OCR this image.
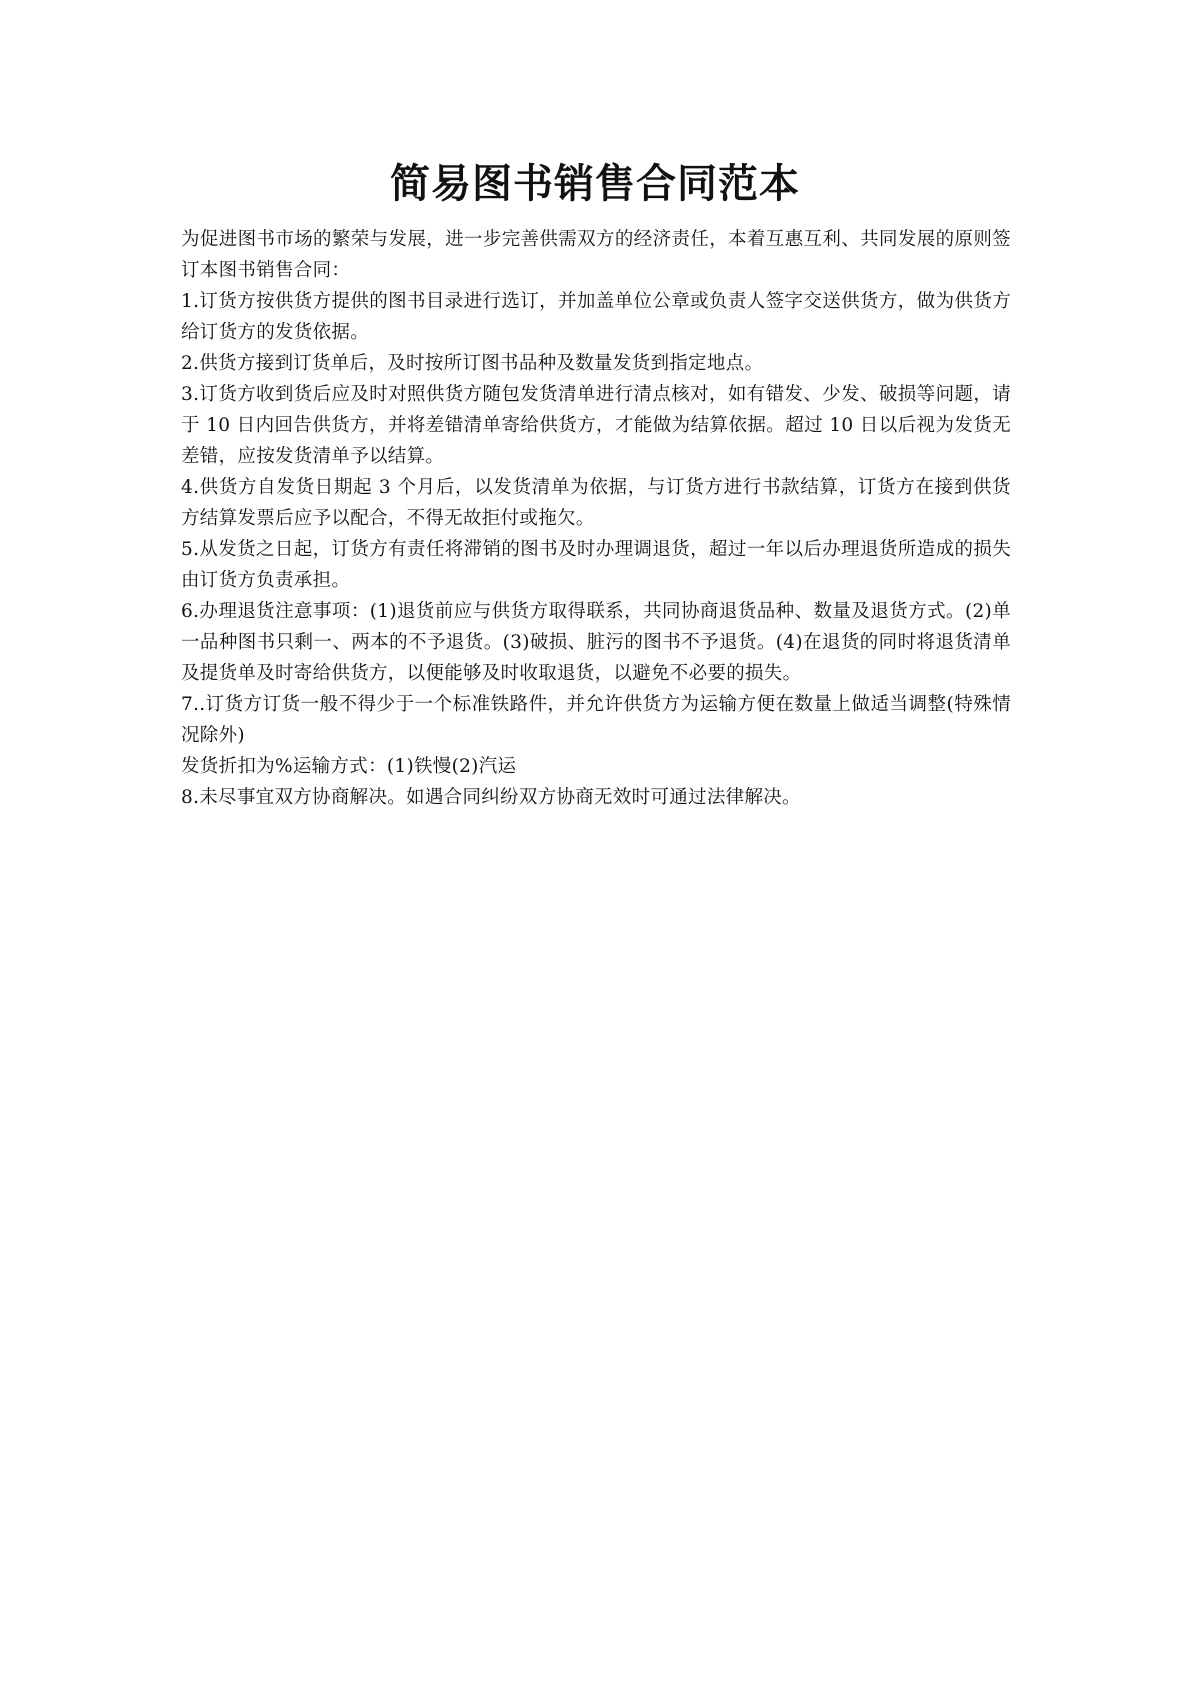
简易图书销售合同范本

为促进图书市场的繁荣与发展，进一步完善供需双方的经济责任，本着互惠互利、共同发展的原则签订本图书销售合同：

1.订货方按供货方提供的图书目录进行选订，并加盖单位公章或负责人签字交送供货方，做为供货方给订货方的发货依据。

2.供货方接到订货单后，及时按所订图书品种及数量发货到指定地点。

3.订货方收到货后应及时对照供货方随包发货清单进行清点核对，如有错发、少发、破损等问题，请于 10 日内回告供货方，并将差错清单寄给供货方，才能做为结算依据。超过 10 日以后视为发货无差错，应按发货清单予以结算。

4.供货方自发货日期起 3 个月后，以发货清单为依据，与订货方进行书款结算，订货方在接到供货方结算发票后应予以配合，不得无故拒付或拖欠。

5.从发货之日起，订货方有责任将滞销的图书及时办理调退货，超过一年以后办理退货所造成的损失由订货方负责承担。

6.办理退货注意事项：(1)退货前应与供货方取得联系，共同协商退货品种、数量及退货方式。(2)单一品种图书只剩一、两本的不予退货。(3)破损、脏污的图书不予退货。(4)在退货的同时将退货清单及提货单及时寄给供货方，以便能够及时收取退货，以避免不必要的损失。

7..订货方订货一般不得少于一个标准铁路件，并允许供货方为运输方便在数量上做适当调整(特殊情况除外)

发货折扣为%运输方式：(1)铁慢(2)汽运

8.未尽事宜双方协商解决。如遇合同纠纷双方协商无效时可通过法律解决。
